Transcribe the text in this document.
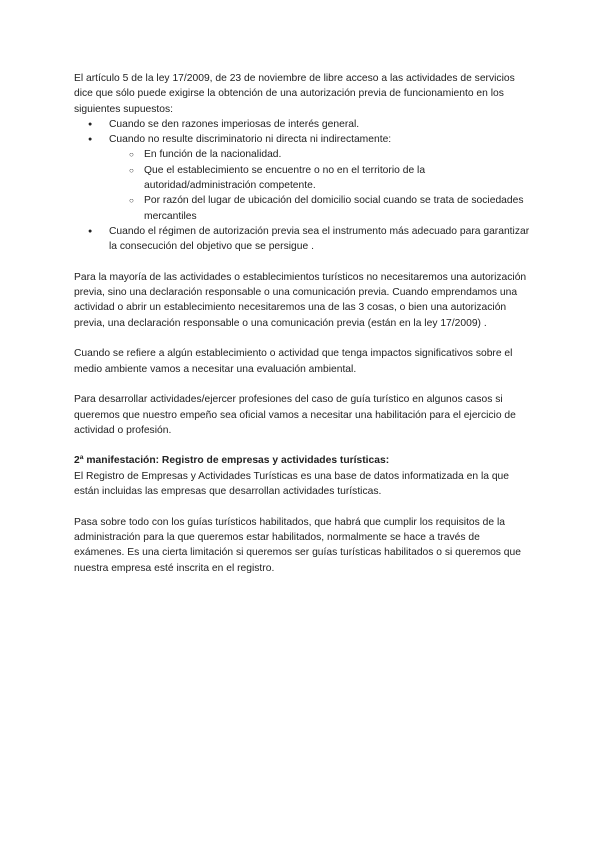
El artículo 5 de la ley 17/2009, de 23 de noviembre de libre acceso a las actividades de servicios dice que sólo puede exigirse la obtención de una autorización previa de funcionamiento en los siguientes supuestos:

● Cuando se den razones imperiosas de interés general.
● Cuando no resulte discriminatorio ni directa ni indirectamente:
○ En función de la nacionalidad.
○ Que el establecimiento se encuentre o no en el territorio de la autoridad/administración competente.
○ Por razón del lugar de ubicación del domicilio social cuando se trata de sociedades mercantiles
● Cuando el régimen de autorización previa sea el instrumento más adecuado para garantizar la consecución del objetivo que se persigue .

Para la mayoría de las actividades o establecimientos turísticos no necesitaremos una autorización previa, sino una declaración responsable o una comunicación previa. Cuando emprendamos una actividad o abrir un establecimiento necesitaremos una de las 3 cosas, o bien una autorización previa, una declaración responsable o una comunicación previa (están en la ley 17/2009) .

Cuando se refiere a algún establecimiento o actividad que tenga impactos significativos sobre el medio ambiente vamos a necesitar una evaluación ambiental.

Para desarrollar actividades/ejercer profesiones del caso de guía turístico en algunos casos si queremos que nuestro empeño sea oficial vamos a necesitar una habilitación para el ejercicio de actividad o profesión.

2ª manifestación: Registro de empresas y actividades turísticas:

El Registro de Empresas y Actividades Turísticas es una base de datos informatizada en la que están incluidas las empresas que desarrollan actividades turísticas.

Pasa sobre todo con los guías turísticos habilitados, que habrá que cumplir los requisitos de la administración para la que queremos estar habilitados, normalmente se hace a través de exámenes. Es una cierta limitación si queremos ser guías turísticas habilitados o si queremos que nuestra empresa esté inscrita en el registro.
